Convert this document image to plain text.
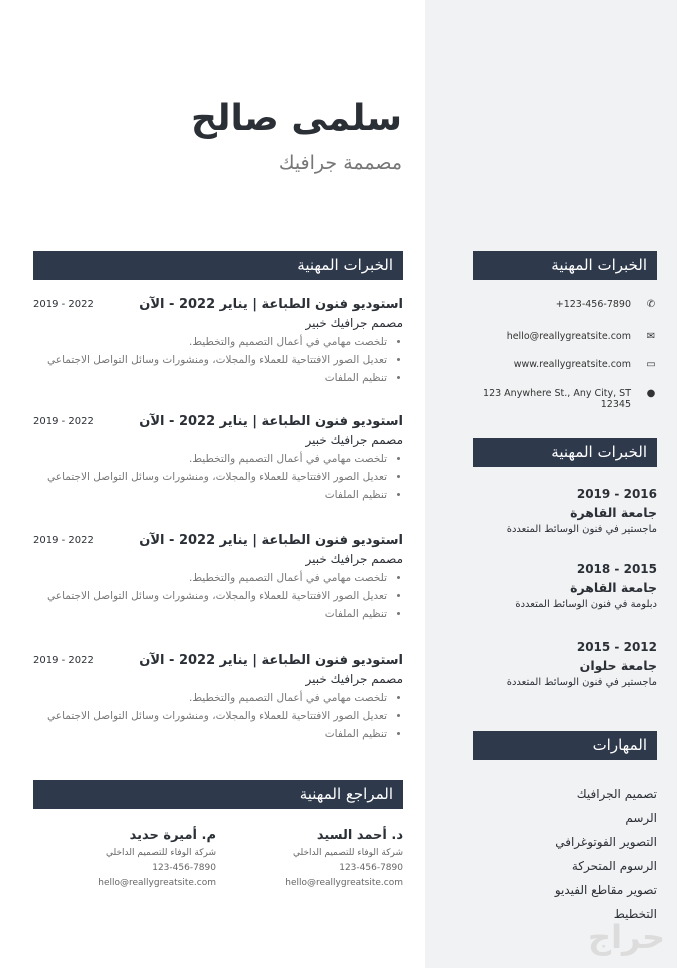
سلمى صالح
مصممة جرافيك
الخبرات المهنية
استوديو فنون الطباعة | يناير 2022 - الآن
2019 - 2022
مصمم جرافيك خبير
• تلخصت مهامي في أعمال التصميم والتخطيط.
• تعديل الصور الافتتاحية للعملاء والمجلات، ومنشورات وسائل التواصل الاجتماعي
• تنظيم الملفات
استوديو فنون الطباعة | يناير 2022 - الآن
2019 - 2022
مصمم جرافيك خبير
• تلخصت مهامي في أعمال التصميم والتخطيط.
• تعديل الصور الافتتاحية للعملاء والمجلات، ومنشورات وسائل التواصل الاجتماعي
• تنظيم الملفات
استوديو فنون الطباعة | يناير 2022 - الآن
2019 - 2022
مصمم جرافيك خبير
• تلخصت مهامي في أعمال التصميم والتخطيط.
• تعديل الصور الافتتاحية للعملاء والمجلات، ومنشورات وسائل التواصل الاجتماعي
• تنظيم الملفات
استوديو فنون الطباعة | يناير 2022 - الآن
2019 - 2022
مصمم جرافيك خبير
• تلخصت مهامي في أعمال التصميم والتخطيط.
• تعديل الصور الافتتاحية للعملاء والمجلات، ومنشورات وسائل التواصل الاجتماعي
• تنظيم الملفات
المراجع المهنية
د. أحمد السيد
شركة الوفاء للتصميم الداخلي
123-456-7890
hello@reallygreatsite.com
م. أميرة حديد
شركة الوفاء للتصميم الداخلي
123-456-7890
hello@reallygreatsite.com
الخبرات المهنية
+123-456-7890 ✆
hello@reallygreatsite.com ✉
www.reallygreatsite.com ▭
123 Anywhere St., Any City, ST
12345
●
الخبرات المهنية
2016 - 2019
جامعة القاهرة
ماجستير في فنون الوسائط المتعددة
2015 - 2018
جامعة القاهرة
دبلومة في فنون الوسائط المتعددة
2012 - 2015
جامعة حلوان
ماجستير في فنون الوسائط المتعددة
المهارات
تصميم الجرافيك
الرسم
التصوير الفوتوغرافي
الرسوم المتحركة
تصوير مقاطع الفيديو
التخطيط
حراج
